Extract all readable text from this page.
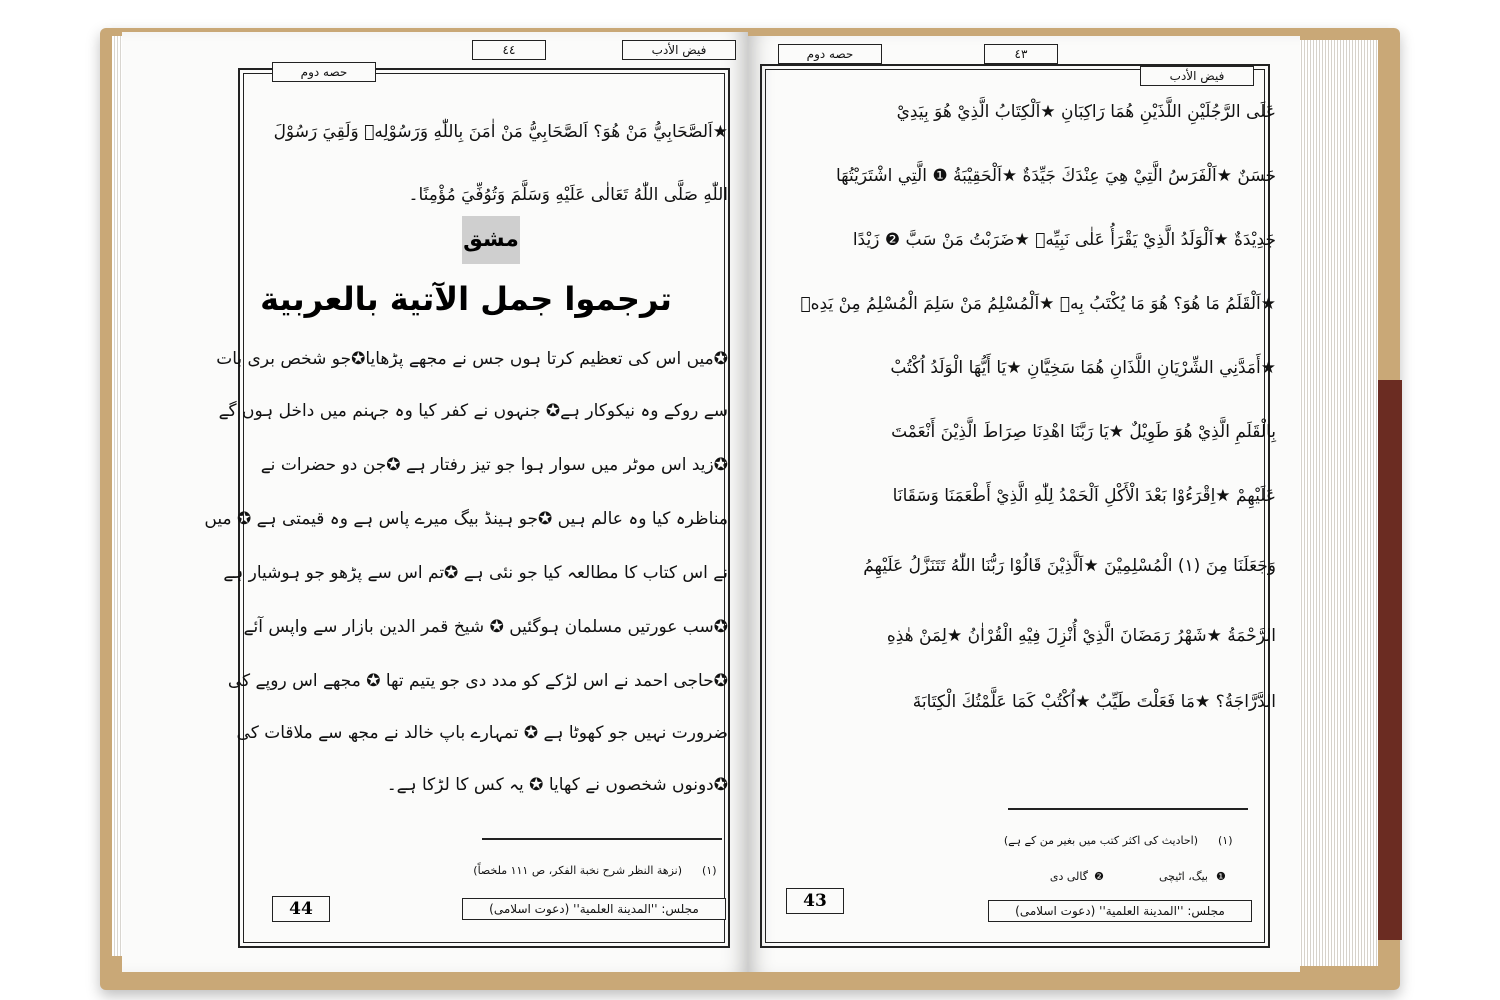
فیض الأدب
٤٤
حصه دوم
★اَلصَّحَابِيُّ مَنْ هُوَ؟ اَلصَّحَابِيُّ مَنْ اٰمَنَ بِاللّٰهِ وَرَسُوْلِهٖ وَلَقِيَ رَسُوْلَ
اللّٰهِ صَلَّى اللّٰهُ تَعَالٰى عَلَيْهِ وَسَلَّمَ وَتُوُفِّيَ مُؤْمِنًا۔
مشق
ترجموا جمل الآتية بالعربية
✪میں اس کی تعظیم کرتا ہوں جس نے مجھے پڑھایا✪جو شخص بری بات
سے روکے وہ نیکوکار ہے✪ جنہوں نے کفر کیا وہ جہنم میں داخل ہوں گے
✪زید اس موٹر میں سوار ہوا جو تیز رفتار ہے ✪جن دو حضرات نے
مناظرہ کیا وہ عالم ہیں ✪جو ہینڈ بیگ میرے پاس ہے وہ قیمتی ہے ✪ میں
نے اس کتاب کا مطالعہ کیا جو نئی ہے ✪تم اس سے پڑھو جو ہوشیار ہے
✪سب عورتیں مسلمان ہوگئیں ✪ شیخ قمر الدین بازار سے واپس آئے
✪حاجی احمد نے اس لڑکے کو مدد دی جو یتیم تھا ✪ مجھے اس روپے کی
ضرورت نہیں جو کھوٹا ہے ✪ تمہارے باپ خالد نے مجھ سے ملاقات کی
✪دونوں شخصوں نے کھایا ✪ یہ کس کا لڑکا ہے۔
(۱)
(نزهة النظر شرح نخبة الفكر، ص ۱۱۱ ملخصاً)
44	مجلس: ''المدینة العلمیة'' (دعوت اسلامی)
حصه دوم	٤٣
فیض الأدب
عَلَى الرَّجُلَيْنِ اللَّذَيْنِ هُمَا رَاكِبَانِ ★اَلْكِتَابُ الَّذِيْ هُوَ بِيَدِيْ
حَسَنٌ ★اَلْفَرَسُ الَّتِيْ هِيَ عِنْدَكَ جَيِّدَةٌ ★اَلْحَقِيْبَةُ ❶ الَّتِي اشْتَرَيْتُهَا
جَدِيْدَةٌ ★اَلْوَلَدُ الَّذِيْ يَقْرَأُ عَلٰى نَبِيِّهٖ ★ضَرَبْتُ مَنْ سَبَّ ❷ زَيْدًا
★اَلْقَلَمُ مَا هُوَ؟ هُوَ مَا يُكْتَبُ بِهٖ ★اَلْمُسْلِمُ مَنْ سَلِمَ الْمُسْلِمُ مِنْ يَدِهٖ
★أَمَدَّنِي الشِّرْيَانِ اللَّذَانِ هُمَا سَخِيَّانِ ★يَا أَيُّهَا الْوَلَدُ اُكْتُبْ
بِالْقَلَمِ الَّذِيْ هُوَ طَوِيْلٌ ★يَا رَبَّنَا اهْدِنَا صِرَاطَ الَّذِيْنَ أَنْعَمْتَ
عَلَيْهِمْ ★اِقْرَءُوْا بَعْدَ الْأَكْلِ اَلْحَمْدُ لِلّٰهِ الَّذِيْ أَطْعَمَنَا وَسَقَانَا
وَجَعَلَنَا مِنَ (۱) الْمُسْلِمِيْنَ ★اَلَّذِيْنَ قَالُوْا رَبُّنَا اللّٰهُ تَتَنَزَّلُ عَلَيْهِمُ
الرَّحْمَةُ ★شَهْرُ رَمَضَانَ الَّذِيْ أُنْزِلَ فِيْهِ الْقُرْاٰنُ ★لِمَنْ هٰذِهِ
الدَّرَّاجَةُ؟ ★مَا فَعَلْتَ طَيِّبٌ ★اُكْتُبْ كَمَا عَلَّمْتُكَ الْكِتَابَةَ
(۱)
(احادیث کی اکثر کتب میں بغیر من کے ہے)
❶
بیگ، اٹیچی
❷
گالی دی
43	مجلس: ''المدینة العلمیة'' (دعوت اسلامی)
